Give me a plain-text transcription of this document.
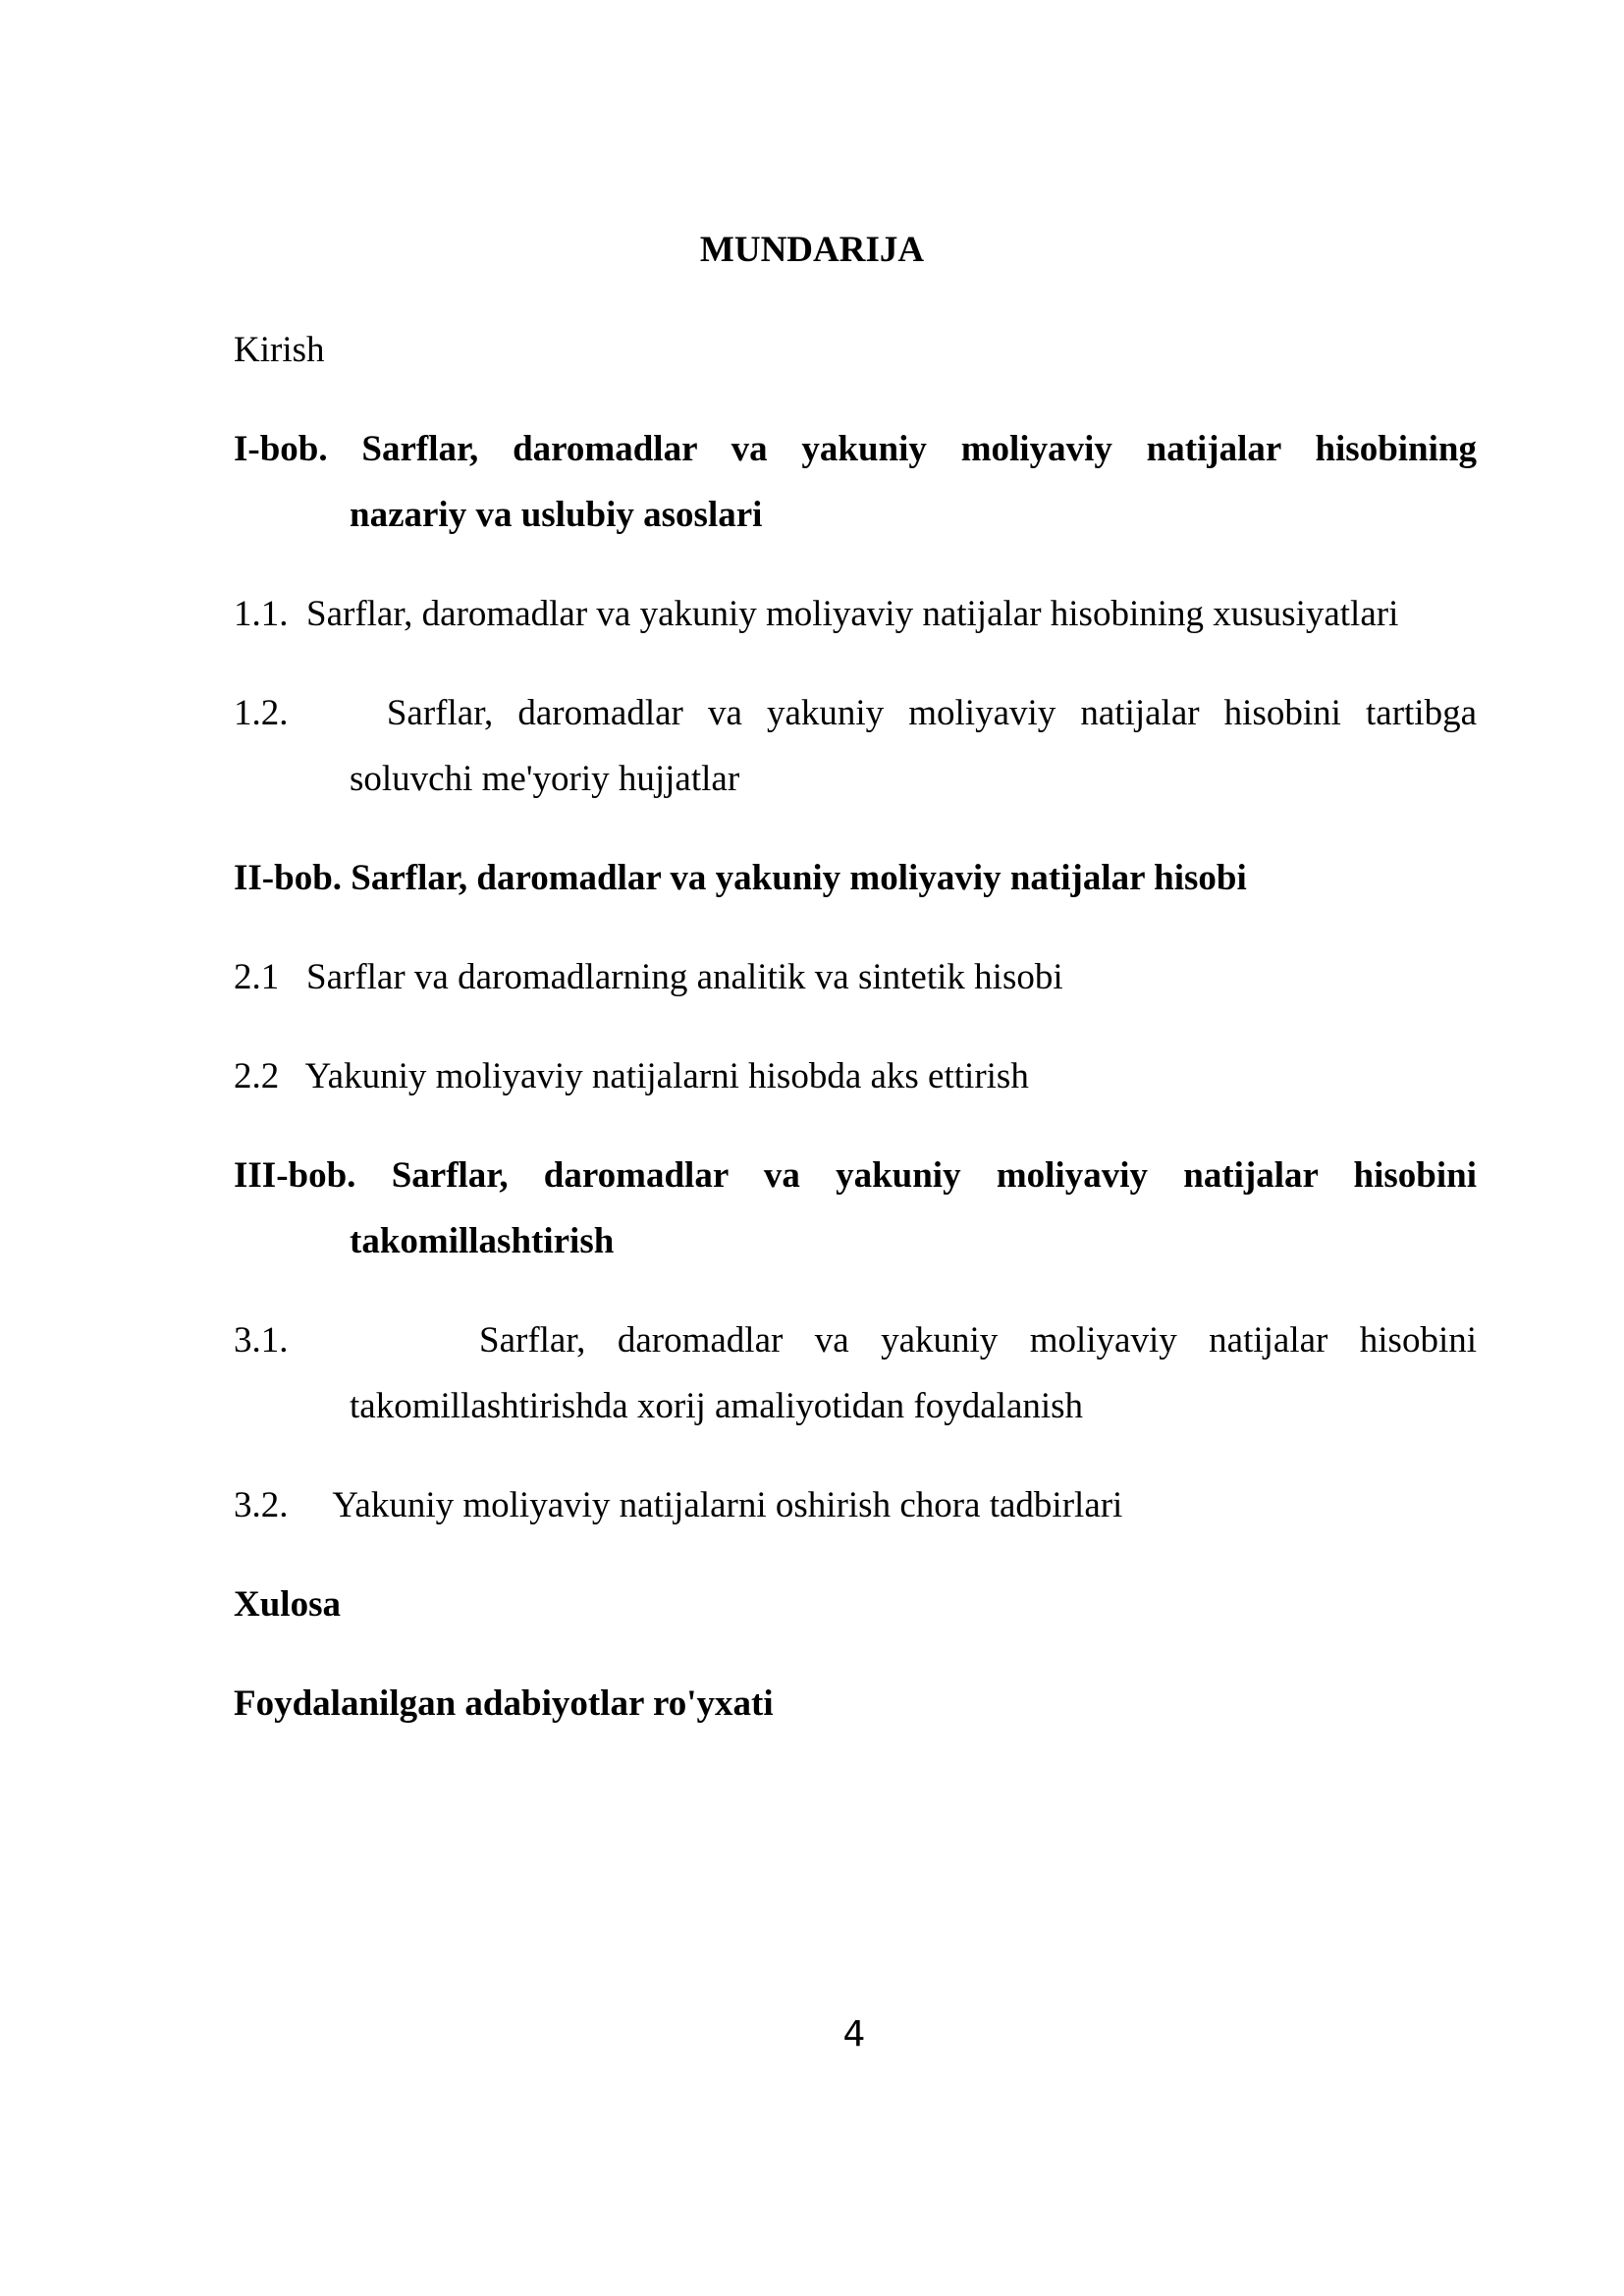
MUNDARIJA
Kirish
I-bob. Sarflar, daromadlar va yakuniy moliyaviy natijalar hisobining
nazariy va uslubiy asoslari
1.1. Sarflar, daromadlar va yakuniy moliyaviy natijalar hisobining xususiyatlari
1.2.	Sarflar, daromadlar va yakuniy moliyaviy natijalar hisobini tartibga
soluvchi me'yoriy hujjatlar
II-bob. Sarflar, daromadlar va yakuniy moliyaviy natijalar hisobi
2.1 Sarflar va daromadlarning analitik va sintetik hisobi
2.2 Yakuniy moliyaviy natijalarni hisobda aks ettirish
III-bob. Sarflar, daromadlar va yakuniy moliyaviy natijalar hisobini
takomillashtirish
3.1.	Sarflar, daromadlar va yakuniy moliyaviy natijalar hisobini
takomillashtirishda xorij amaliyotidan foydalanish
3.2. Yakuniy moliyaviy natijalarni oshirish chora tadbirlari
Xulosa
Foydalanilgan adabiyotlar ro'yxati
4
